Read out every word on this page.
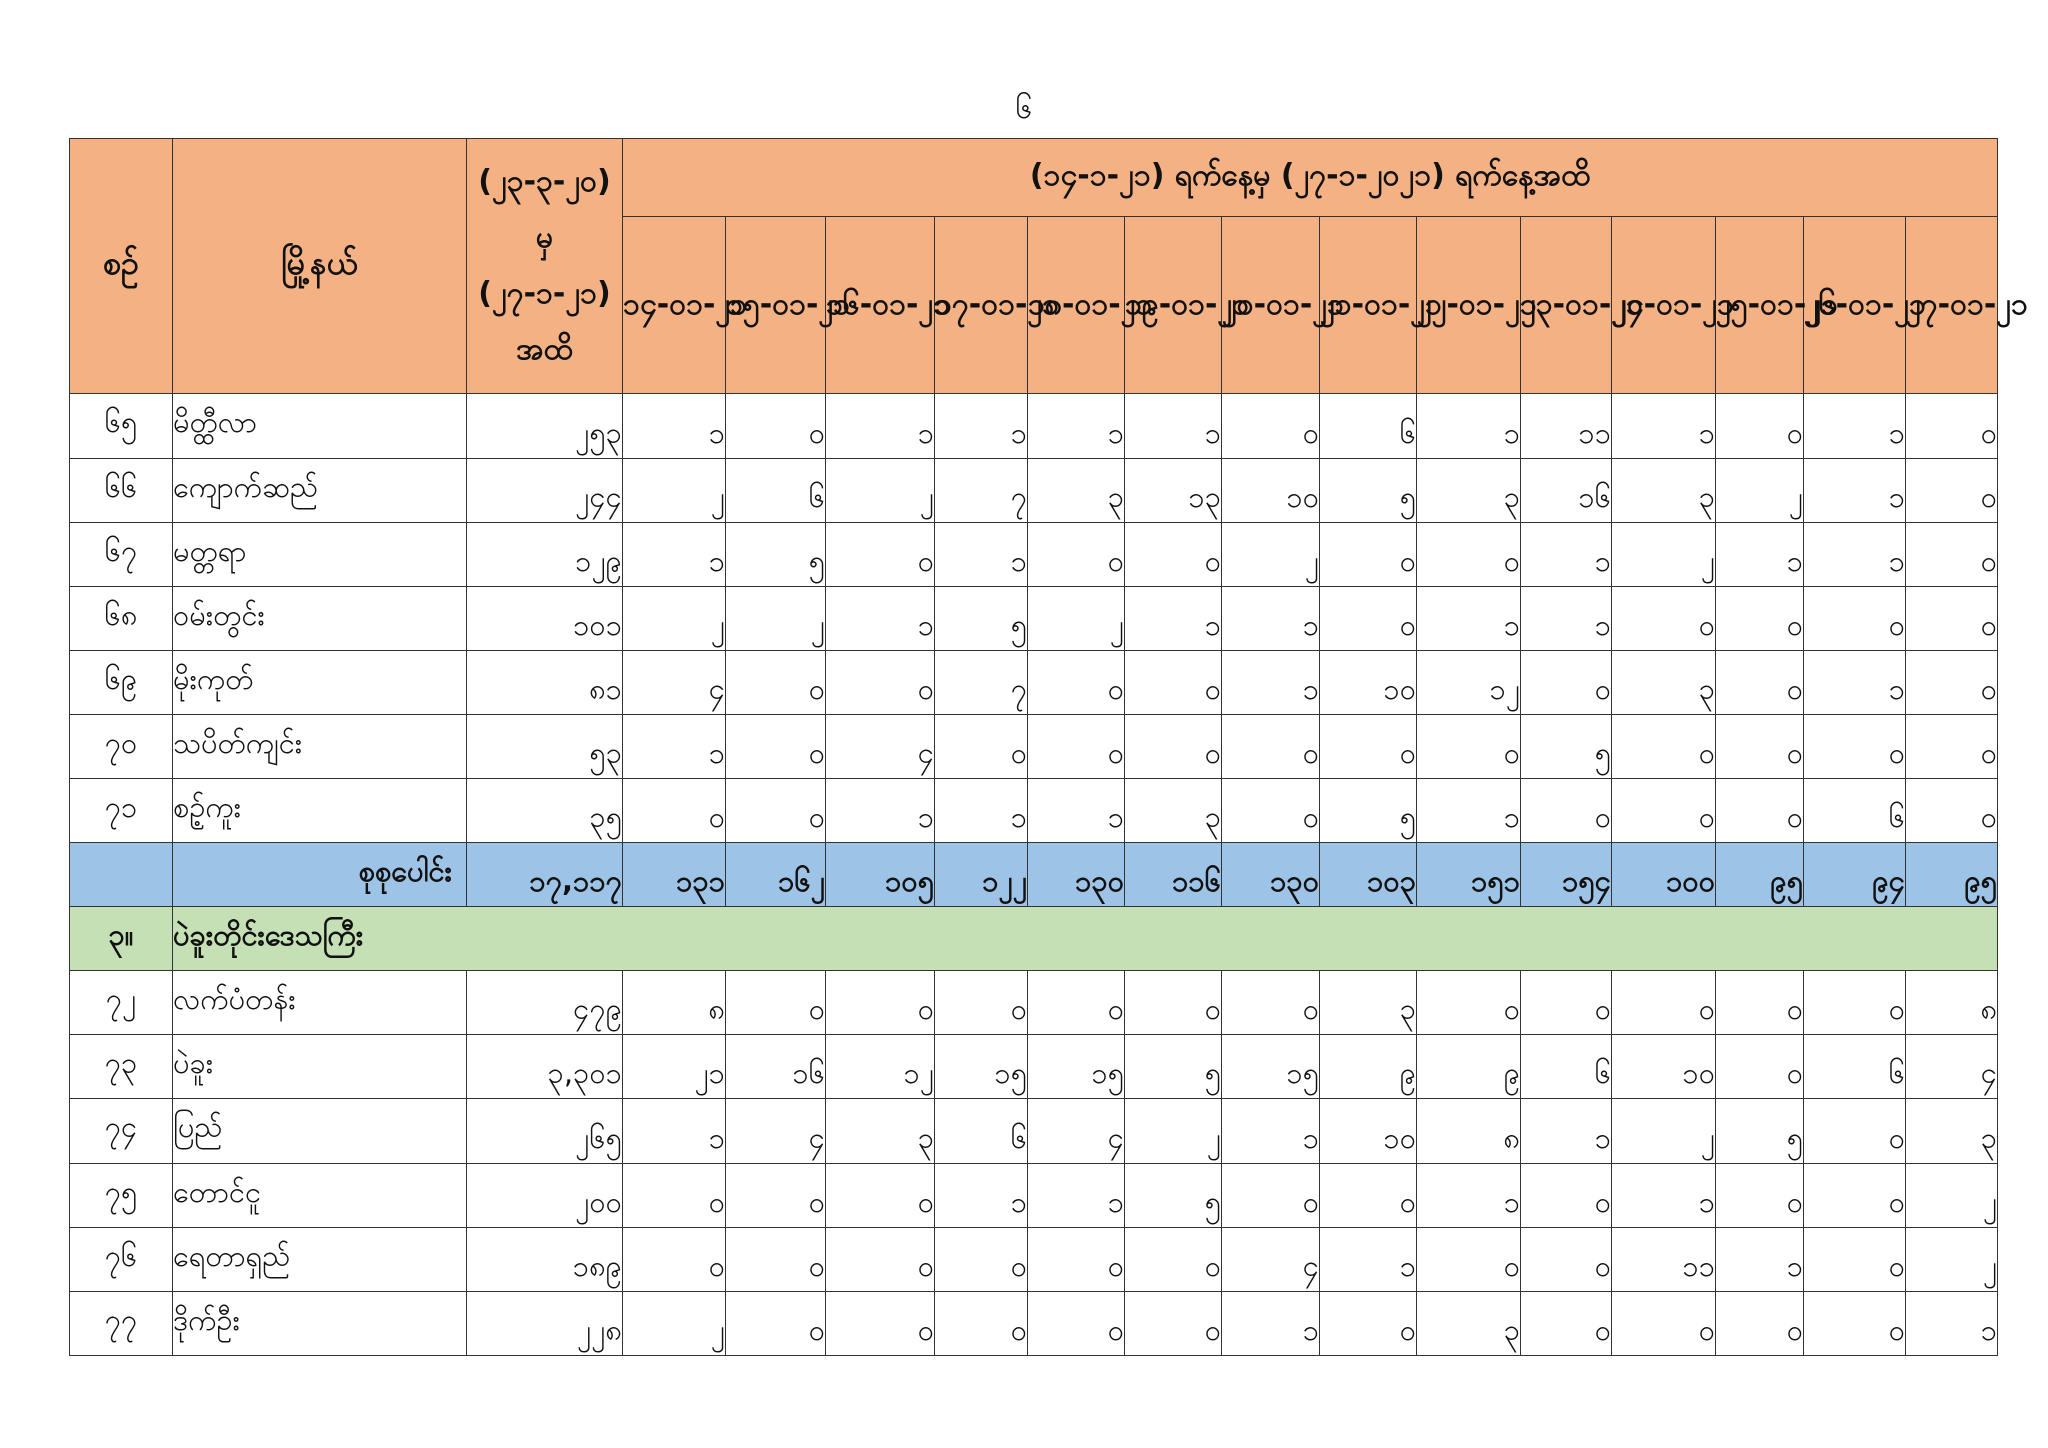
၆
စဉ်	မြို့နယ်	(၂၃-၃-၂၀) မှ (၂၇-၁-၂၁) အထိ	(၁၄-၁-၂၁) ရက်နေ့မှ (၂၇-၁-၂၀၂၁) ရက်နေ့အထိ													
			၁၄-၀၁-၂၁	၁၅-၀၁-၂၁	၁၆-၀၁-၂၁	၁၇-၀၁-၂၁	၁၈-၀၁-၂၁	၁၉-၀၁-၂၁	၂၀-၀၁-၂၁	၂၁-၀၁-၂၁	၂၂-၀၁-၂၁	၂၃-၀၁-၂၁	၂၄-၀၁-၂၁	၂၅-၀၁-၂၁	၂၆-၀၁-၂၁	၂၇-၀၁-၂၁
၆၅	မိတ္ထီလာ	၂၅၃	၁	၀	၁	၁	၁	၁	၀	၆	၁	၁၁	၁	၀	၁	၀
၆၆	ကျောက်ဆည်	၂၄၄	၂	၆	၂	၇	၃	၁၃	၁၀	၅	၃	၁၆	၃	၂	၁	၀
၆၇	မတ္တရာ	၁၂၉	၁	၅	၀	၁	၀	၀	၂	၀	၀	၁	၂	၁	၁	၀
၆၈	ဝမ်းတွင်း	၁၀၁	၂	၂	၁	၅	၂	၁	၁	၀	၁	၁	၀	၀	၀	၀
၆၉	မိုးကုတ်	၈၁	၄	၀	၀	၇	၀	၀	၁	၁၀	၁၂	၀	၃	၀	၁	၀
၇၀	သပိတ်ကျင်း	၅၃	၁	၀	၄	၀	၀	၀	၀	၀	၀	၅	၀	၀	၀	၀
၇၁	စဉ့်ကူး	၃၅	၀	၀	၁	၁	၁	၃	၀	၅	၁	၀	၀	၀	၆	၀
	စုစုပေါင်း	၁၇,၁၁၇	၁၃၁	၁၆၂	၁၀၅	၁၂၂	၁၃၀	၁၁၆	၁၃၀	၁၀၃	၁၅၁	၁၅၄	၁၀၀	၉၅	၉၄	၉၅
၃။	ပဲခူးတိုင်းဒေသကြီး															
၇၂	လက်ပံတန်း	၄၇၉	၈	၀	၀	၀	၀	၀	၀	၃	၀	၀	၀	၀	၀	၈
၇၃	ပဲခူး	၃,၃၀၁	၂၁	၁၆	၁၂	၁၅	၁၅	၅	၁၅	၉	၉	၆	၁၀	၀	၆	၄
၇၄	ပြည်	၂၆၅	၁	၄	၃	၆	၄	၂	၁	၁၀	၈	၁	၂	၅	၀	၃
၇၅	တောင်ငူ	၂၀၀	၀	၀	၀	၁	၁	၅	၀	၀	၁	၀	၁	၀	၀	၂
၇၆	ရေတာရှည်	၁၈၉	၀	၀	၀	၀	၀	၀	၄	၁	၀	၀	၁၁	၁	၀	၂
၇၇	ဒိုက်ဦး	၂၂၈	၂	၀	၀	၀	၀	၀	၁	၀	၃	၀	၀	၀	၀	၁
